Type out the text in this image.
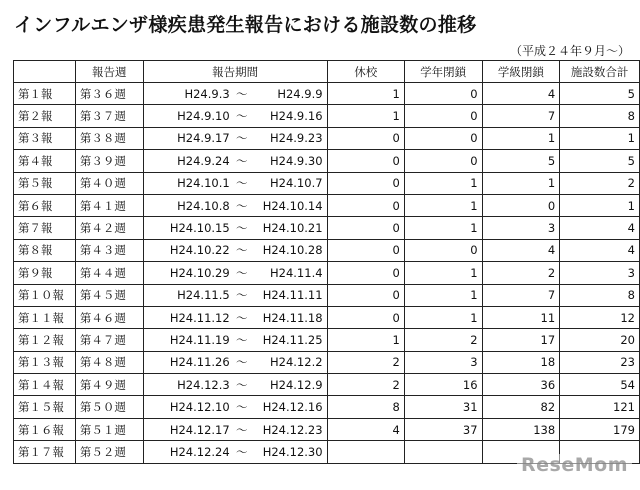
インフルエンザ様疾患発生報告における施設数の推移
（平成２４年９月～）
	報告週	報告期間	休校	学年閉鎖	学級閉鎖	施設数合計
第１報	第３６週	H24.9.3 ～ H24.9.9	1	0	4	5
第２報	第３７週	H24.9.10 ～ H24.9.16	1	0	7	8
第３報	第３８週	H24.9.17 ～ H24.9.23	0	0	1	1
第４報	第３９週	H24.9.24 ～ H24.9.30	0	0	5	5
第５報	第４０週	H24.10.1 ～ H24.10.7	0	1	1	2
第６報	第４１週	H24.10.8 ～ H24.10.14	0	1	0	1
第７報	第４２週	H24.10.15 ～ H24.10.21	0	1	3	4
第８報	第４３週	H24.10.22 ～ H24.10.28	0	0	4	4
第９報	第４４週	H24.10.29 ～ H24.11.4	0	1	2	3
第１０報	第４５週	H24.11.5 ～ H24.11.11	0	1	7	8
第１１報	第４６週	H24.11.12 ～ H24.11.18	0	1	11	12
第１２報	第４７週	H24.11.19 ～ H24.11.25	1	2	17	20
第１３報	第４８週	H24.11.26 ～ H24.12.2	2	3	18	23
第１４報	第４９週	H24.12.3 ～ H24.12.9	2	16	36	54
第１５報	第５０週	H24.12.10 ～ H24.12.16	8	31	82	121
第１６報	第５１週	H24.12.17 ～ H24.12.23	4	37	138	179
第１７報	第５２週	H24.12.24 ～ H24.12.30				

ReseMom
